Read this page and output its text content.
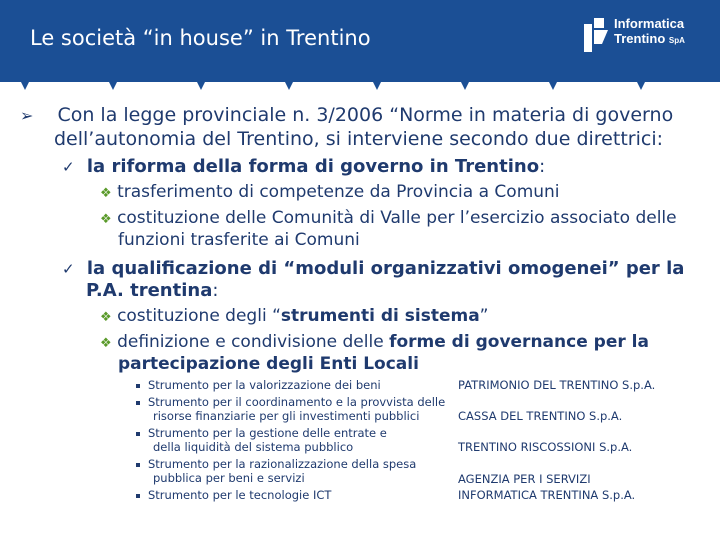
Le società “in house” in Trentino
Informatica
Trentino SpA
➢ Con la legge provinciale n. 3/2006 “Norme in materia di governo
dell’autonomia del Trentino, si interviene secondo due direttrici:
✓ la riforma della forma di governo in Trentino:
❖ trasferimento di competenze da Provincia a Comuni
❖ costituzione delle Comunità di Valle per l’esercizio associato delle
funzioni trasferite ai Comuni
✓ la qualificazione di “moduli organizzativi omogenei” per la
P.A. trentina:
❖ costituzione degli “strumenti di sistema”
❖ definizione e condivisione delle forme di governance per la
partecipazione degli Enti Locali
Strumento per la valorizzazione dei beni
Strumento per il coordinamento e la provvista delle
risorse finanziarie per gli investimenti pubblici
Strumento per la gestione delle entrate e
della liquidità del sistema pubblico
Strumento per la razionalizzazione della spesa
pubblica per beni e servizi
Strumento per le tecnologie ICT
PATRIMONIO DEL TRENTINO S.p.A.
CASSA DEL TRENTINO S.p.A.
TRENTINO RISCOSSIONI S.p.A.
AGENZIA PER I SERVIZI
INFORMATICA TRENTINA S.p.A.
